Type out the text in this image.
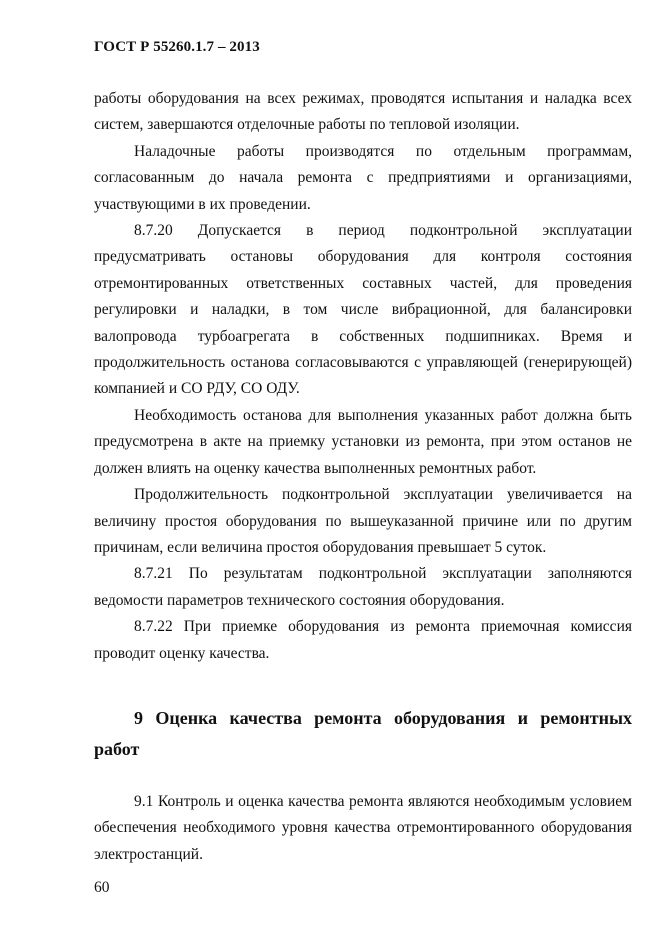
ГОСТ Р 55260.1.7 – 2013

работы оборудования на всех режимах, проводятся испытания и наладка всех систем, завершаются отделочные работы по тепловой изоляции.

Наладочные работы производятся по отдельным программам, согласованным до начала ремонта с предприятиями и организациями, участвующими в их проведении.

8.7.20 Допускается в период подконтрольной эксплуатации предусматривать остановы оборудования для контроля состояния отремонтированных ответственных составных частей, для проведения регулировки и наладки, в том числе вибрационной, для балансировки валопровода турбоагрегата в собственных подшипниках. Время и продолжительность останова согласовываются с управляющей (генерирующей) компанией и СО РДУ, СО ОДУ.

Необходимость останова для выполнения указанных работ должна быть предусмотрена в акте на приемку установки из ремонта, при этом останов не должен влиять на оценку качества выполненных ремонтных работ.

Продолжительность подконтрольной эксплуатации увеличивается на величину простоя оборудования по вышеуказанной причине или по другим причинам, если величина простоя оборудования превышает 5 суток.

8.7.21 По результатам подконтрольной эксплуатации заполняются ведомости параметров технического состояния оборудования.

8.7.22 При приемке оборудования из ремонта приемочная комиссия проводит оценку качества.

9 Оценка качества ремонта оборудования и ремонтных работ

9.1 Контроль и оценка качества ремонта являются необходимым условием обеспечения необходимого уровня качества отремонтированного оборудования электростанций.

60
